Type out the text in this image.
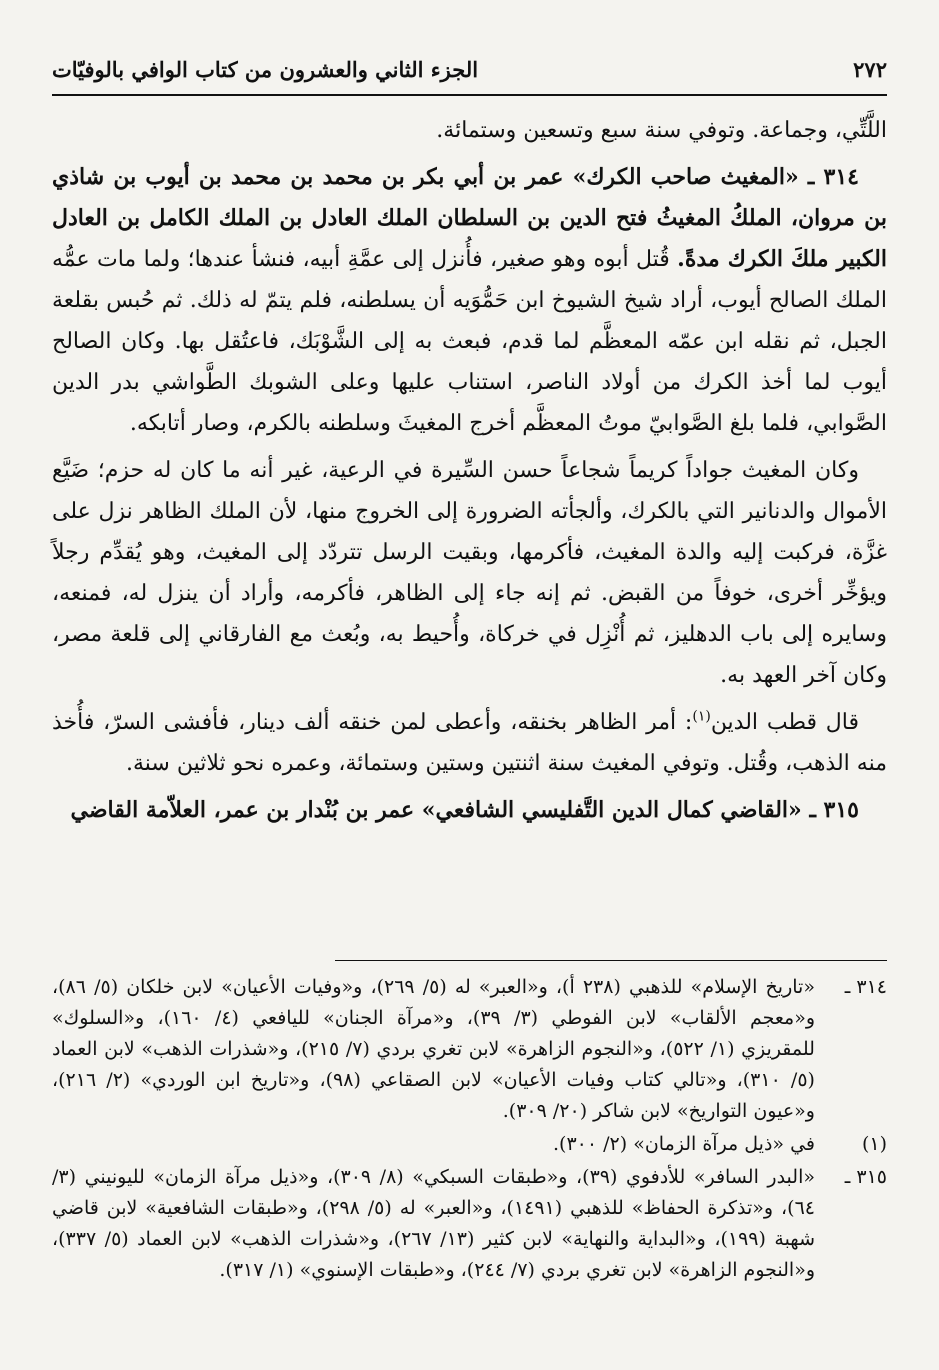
٢٧٢
الجزء الثاني والعشرون من كتاب الوافي بالوفيّات

اللَّتِّي، وجماعة. وتوفي سنة سبع وتسعين وستمائة.

٣١٤ ـ «المغيث صاحب الكرك» عمر بن أبي بكر بن محمد بن محمد بن أيوب بن شاذي بن مروان، الملكُ المغيثُ فتح الدين بن السلطان الملك العادل بن الملك الكامل بن العادل الكبير ملكَ الكرك مدةً. قُتل أبوه وهو صغير، فأُنزل إلى عمَّةِ أبيه، فنشأ عندها؛ ولما مات عمُّه الملك الصالح أيوب، أراد شيخ الشيوخ ابن حَمُّوَيه أن يسلطنه، فلم يتمّ له ذلك. ثم حُبس بقلعة الجبل، ثم نقله ابن عمّه المعظَّم لما قدم، فبعث به إلى الشَّوْبَك، فاعتُقل بها. وكان الصالح أيوب لما أخذ الكرك من أولاد الناصر، استناب عليها وعلى الشوبك الطَّواشي بدر الدين الصَّوابي، فلما بلغ الصَّوابيّ موتُ المعظَّم أخرج المغيثَ وسلطنه بالكرم، وصار أتابكه.

وكان المغيث جواداً كريماً شجاعاً حسن السِّيرة في الرعية، غير أنه ما كان له حزم؛ ضَيَّع الأموال والدنانير التي بالكرك، وألجأته الضرورة إلى الخروج منها، لأن الملك الظاهر نزل على غزَّة، فركبت إليه والدة المغيث، فأكرمها، وبقيت الرسل تتردّد إلى المغيث، وهو يُقدِّم رجلاً ويؤخِّر أخرى، خوفاً من القبض. ثم إنه جاء إلى الظاهر، فأكرمه، وأراد أن ينزل له، فمنعه، وسايره إلى باب الدهليز، ثم أُنْزِل في خركاة، وأُحيط به، وبُعث مع الفارقاني إلى قلعة مصر، وكان آخر العهد به.

قال قطب الدين$^{(١)}$: أمر الظاهر بخنقه، وأعطى لمن خنقه ألف دينار، فأفشى السرّ، فأُخذ منه الذهب، وقُتل. وتوفي المغيث سنة اثنتين وستين وستمائة، وعمره نحو ثلاثين سنة.

٣١٥ ـ «القاضي كمال الدين التَّفليسي الشافعي» عمر بن بُنْدار بن عمر، العلاّمة القاضي

٣١٤ ـ
«تاريخ الإسلام» للذهبي (٢٣٨ أ)، و«العبر» له (٥/ ٢٦٩)، و«وفيات الأعيان» لابن خلكان (٥/ ٨٦)، و«معجم الألقاب» لابن الفوطي (٣/ ٣٩)، و«مرآة الجنان» لليافعي (٤/ ١٦٠)، و«السلوك» للمقريزي (١/ ٥٢٢)، و«النجوم الزاهرة» لابن تغري بردي (٧/ ٢١٥)، و«شذرات الذهب» لابن العماد (٥/ ٣١٠)، و«تالي كتاب وفيات الأعيان» لابن الصقاعي (٩٨)، و«تاريخ ابن الوردي» (٢/ ٢١٦)، و«عيون التواريخ» لابن شاكر (٢٠/ ٣٠٩).
(١)
في «ذيل مرآة الزمان» (٢/ ٣٠٠).
٣١٥ ـ
«البدر السافر» للأدفوي (٣٩)، و«طبقات السبكي» (٨/ ٣٠٩)، و«ذيل مرآة الزمان» لليونيني (٣/ ٦٤)، و«تذكرة الحفاظ» للذهبي (١٤٩١)، و«العبر» له (٥/ ٢٩٨)، و«طبقات الشافعية» لابن قاضي شهبة (١٩٩)، و«البداية والنهاية» لابن كثير (١٣/ ٢٦٧)، و«شذرات الذهب» لابن العماد (٥/ ٣٣٧)، و«النجوم الزاهرة» لابن تغري بردي (٧/ ٢٤٤)، و«طبقات الإسنوي» (١/ ٣١٧).
